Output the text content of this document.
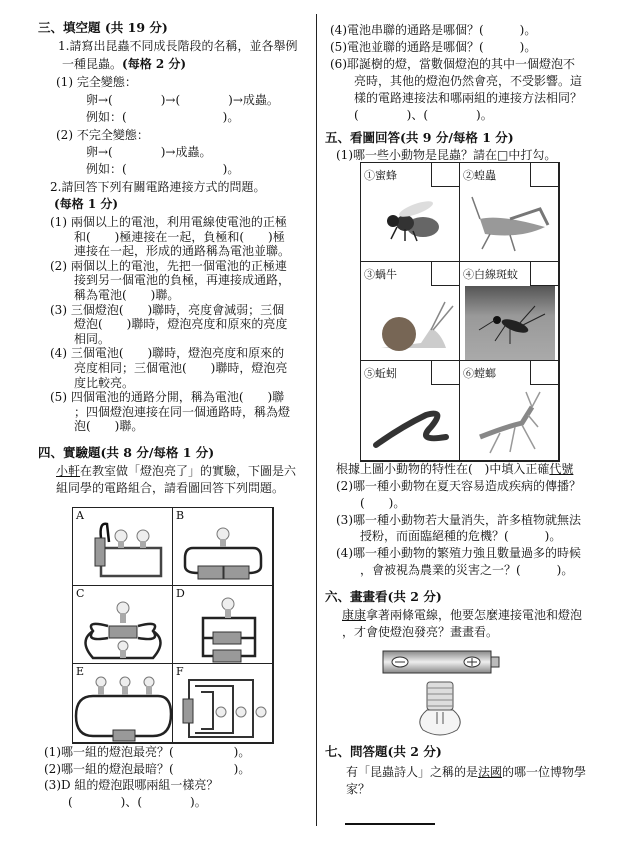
三、填空題 (共 19 分)
1.請寫出昆蟲不同成長階段的名稱，並各舉例
一種昆蟲。(每格 2 分)
(1) 完全變態：
卵→(　　　　)→(　　　　)→成蟲。
例如：(　　　　　　　　)。
(2) 不完全變態：
卵→(　　　　)→成蟲。
例如：(　　　　　　　　)。
2.請回答下列有關電路連接方式的問題。
(每格 1 分)
(1) 兩個以上的電池，利用電線使電池的正極
　　和(　　)極連接在一起，負極和(　　)極
　　連接在一起，形成的通路稱為電池並聯。
(2) 兩個以上的電池，先把一個電池的正極連
　　接到另一個電池的負極，再連接成通路，
　　稱為電池(　　)聯。
(3) 三個燈泡(　　)聯時，亮度會減弱；三個
　　燈泡(　　)聯時，燈泡亮度和原來的亮度
　　相同。
(4) 三個電池(　　)聯時，燈泡亮度和原來的
　　亮度相同；三個電池(　　)聯時，燈泡亮
　　度比較亮。
(5) 四個電池的通路分開，稱為電池(　　)聯
　　；四個燈泡連接在同一個通路時，稱為燈
　　泡(　　)聯。
四、實驗題(共 8 分/每格 1 分)
小軒在教室做「燈泡亮了」的實驗，下圖是六
組同學的電路組合，請看圖回答下列問題。
A	B
C	D
E	F
(1)哪一組的燈泡最亮？(　　　　　)。
(2)哪一組的燈泡最暗？(　　　　　)。
(3)D 組的燈泡跟哪兩組一樣亮？
　　(　　　　)、(　　　　)。
(4)電池串聯的通路是哪個？(　　　)。
(5)電池並聯的通路是哪個？(　　　)。
(6)耶誕樹的燈，當數個燈泡的其中一個燈泡不
　　亮時，其他的燈泡仍然會亮，不受影響。這
　　樣的電路連接法和哪兩組的連接方法相同？
　　(　　　　)、(　　　　)。
五、看圖回答(共 9 分/每格 1 分)
(1)哪一些小動物是昆蟲？請在□中打勾。
①蜜蜂	②蝗蟲
③蝸牛	④白線斑蚊
⑤蚯蚓	⑥螳螂
根據上圖小動物的特性在(　)中填入正確代號
(2)哪一種小動物在夏天容易造成疾病的傳播？
　　(　　)。
(3)哪一種小動物若大量消失，許多植物就無法
　　授粉，而面臨絕種的危機？(　　　)。
(4)哪一種小動物的繁殖力強且數量過多的時候
　　，會被視為農業的災害之一？(　　　)。
六、畫畫看(共 2 分)
康康拿著兩條電線，他要怎麼連接電池和燈泡
，才會使燈泡發亮？畫畫看。
七、問答題(共 2 分)
有「昆蟲詩人」之稱的是法國的哪一位博物學
家？
